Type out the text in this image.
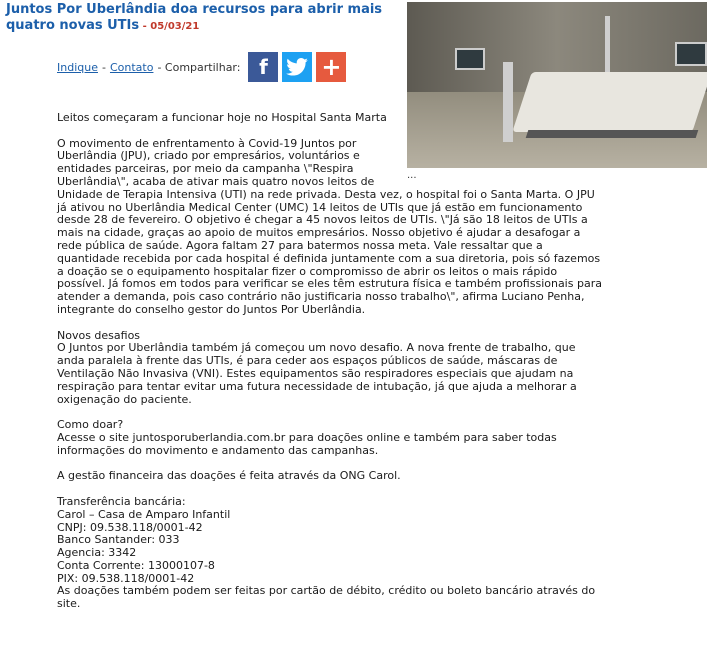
Juntos Por Uberlândia doa recursos para abrir mais quatro novas UTIs - 05/03/21
...
Indique - Contato - Compartilhar: f	+

Leitos começaram a funcionar hoje no Hospital Santa Marta

O movimento de enfrentamento à Covid-19 Juntos por
Uberlândia (JPU), criado por empresários, voluntários e
entidades parceiras, por meio da campanha \"Respira
Uberlândia\", acaba de ativar mais quatro novos leitos de
Unidade de Terapia Intensiva (UTI) na rede privada. Desta vez, o hospital foi o Santa Marta. O JPU
já ativou no Uberlândia Medical Center (UMC) 14 leitos de UTIs que já estão em funcionamento
desde 28 de fevereiro. O objetivo é chegar a 45 novos leitos de UTIs. \"Já são 18 leitos de UTIs a
mais na cidade, graças ao apoio de muitos empresários. Nosso objetivo é ajudar a desafogar a
rede pública de saúde. Agora faltam 27 para batermos nossa meta. Vale ressaltar que a
quantidade recebida por cada hospital é definida juntamente com a sua diretoria, pois só fazemos
a doação se o equipamento hospitalar fizer o compromisso de abrir os leitos o mais rápido
possível. Já fomos em todos para verificar se eles têm estrutura física e também profissionais para
atender a demanda, pois caso contrário não justificaria nosso trabalho\", afirma Luciano Penha,
integrante do conselho gestor do Juntos Por Uberlândia.

Novos desafios
O Juntos por Uberlândia também já começou um novo desafio. A nova frente de trabalho, que
anda paralela à frente das UTIs, é para ceder aos espaços públicos de saúde, máscaras de
Ventilação Não Invasiva (VNI). Estes equipamentos são respiradores especiais que ajudam na
respiração para tentar evitar uma futura necessidade de intubação, já que ajuda a melhorar a
oxigenação do paciente.

Como doar?
Acesse o site juntosporuberlandia.com.br para doações online e também para saber todas
informações do movimento e andamento das campanhas.

A gestão financeira das doações é feita através da ONG Carol.

Transferência bancária:
Carol – Casa de Amparo Infantil
CNPJ: 09.538.118/0001-42
Banco Santander: 033
Agencia: 3342
Conta Corrente: 13000107-8
PIX: 09.538.118/0001-42
As doações também podem ser feitas por cartão de débito, crédito ou boleto bancário através do
site.
